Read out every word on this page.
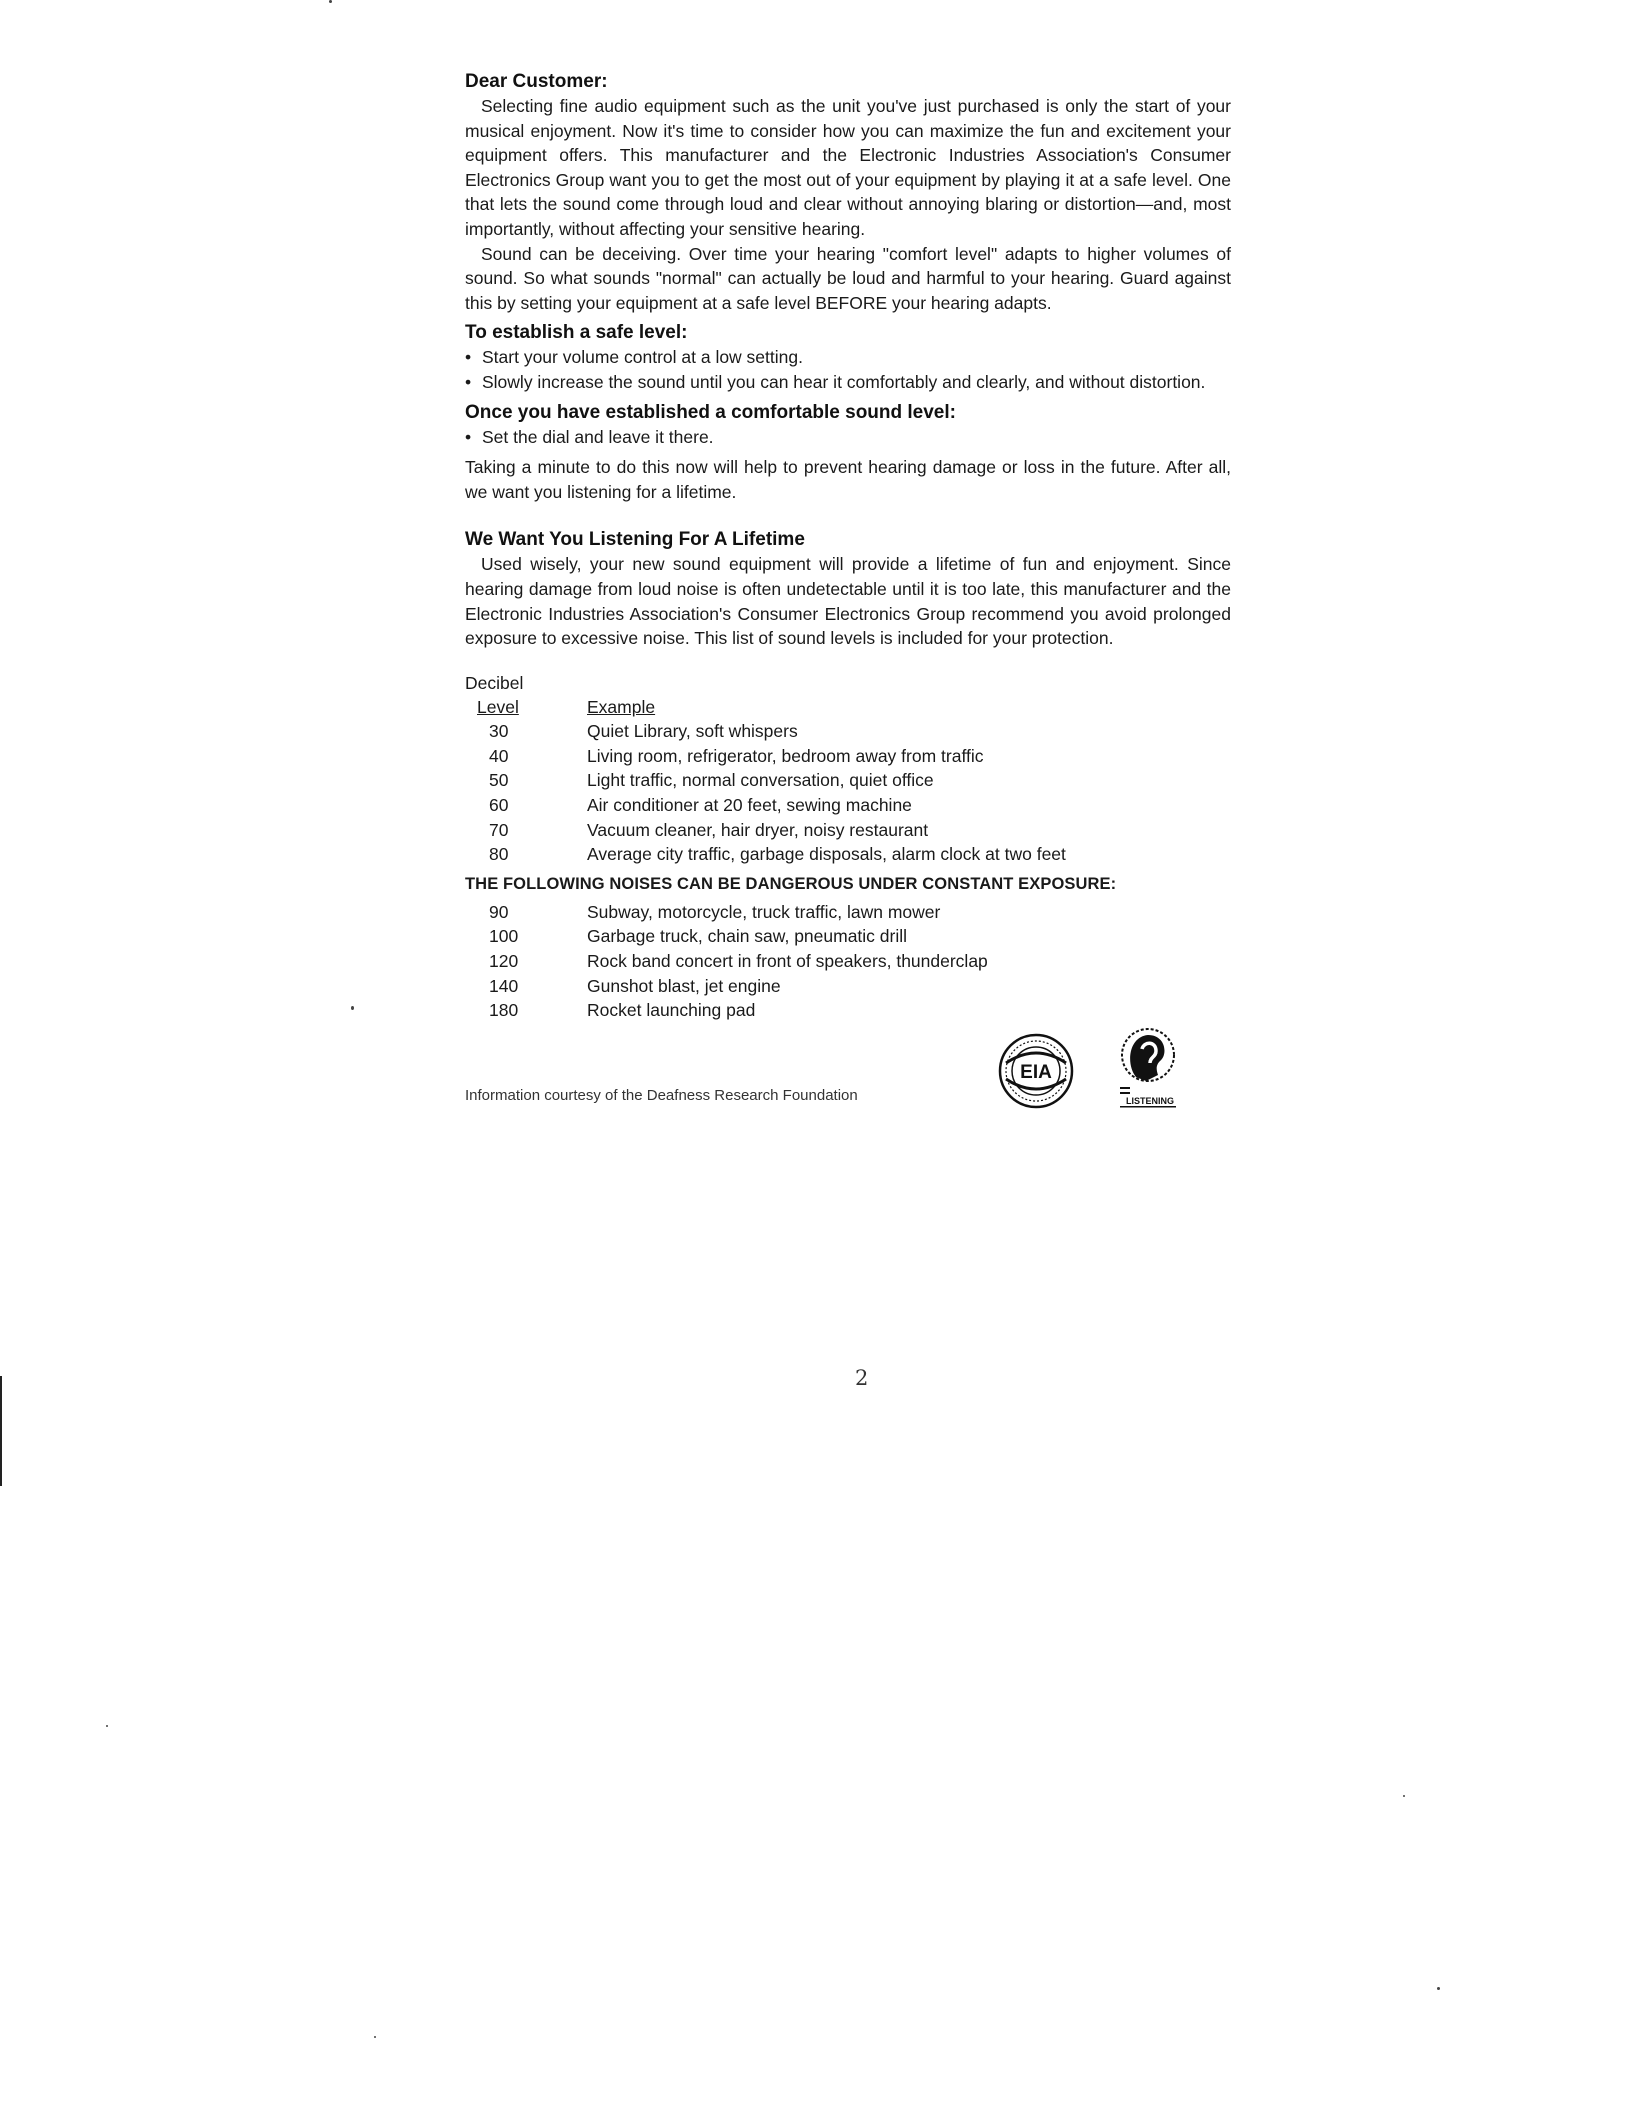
Dear Customer:

Selecting fine audio equipment such as the unit you've just purchased is only the start of your musical enjoyment. Now it's time to consider how you can maximize the fun and excitement your equipment offers. This manufacturer and the Electronic Industries Association's Consumer Electronics Group want you to get the most out of your equipment by playing it at a safe level. One that lets the sound come through loud and clear without annoying blaring or distortion—and, most importantly, without affecting your sensitive hearing.

Sound can be deceiving. Over time your hearing "comfort level" adapts to higher volumes of sound. So what sounds "normal" can actually be loud and harmful to your hearing. Guard against this by setting your equipment at a safe level BEFORE your hearing adapts.

To establish a safe level:
• Start your volume control at a low setting.
• Slowly increase the sound until you can hear it comfortably and clearly, and without distortion.
Once you have established a comfortable sound level:
• Set the dial and leave it there.

Taking a minute to do this now will help to prevent hearing damage or loss in the future. After all, we want you listening for a lifetime.

We Want You Listening For A Lifetime

Used wisely, your new sound equipment will provide a lifetime of fun and enjoyment. Since hearing damage from loud noise is often undetectable until it is too late, this manufacturer and the Electronic Industries Association's Consumer Electronics Group recommend you avoid prolonged exposure to excessive noise. This list of sound levels is included for your protection.

Decibel
Level	Example
30	Quiet Library, soft whispers
40	Living room, refrigerator, bedroom away from traffic
50	Light traffic, normal conversation, quiet office
60	Air conditioner at 20 feet, sewing machine
70	Vacuum cleaner, hair dryer, noisy restaurant
80	Average city traffic, garbage disposals, alarm clock at two feet
THE FOLLOWING NOISES CAN BE DANGEROUS UNDER CONSTANT EXPOSURE:
90	Subway, motorcycle, truck traffic, lawn mower
100	Garbage truck, chain saw, pneumatic drill
120	Rock band concert in front of speakers, thunderclap
140	Gunshot blast, jet engine
180	Rocket launching pad
Information courtesy of the Deafness Research Foundation
EIA
LISTENING
2
